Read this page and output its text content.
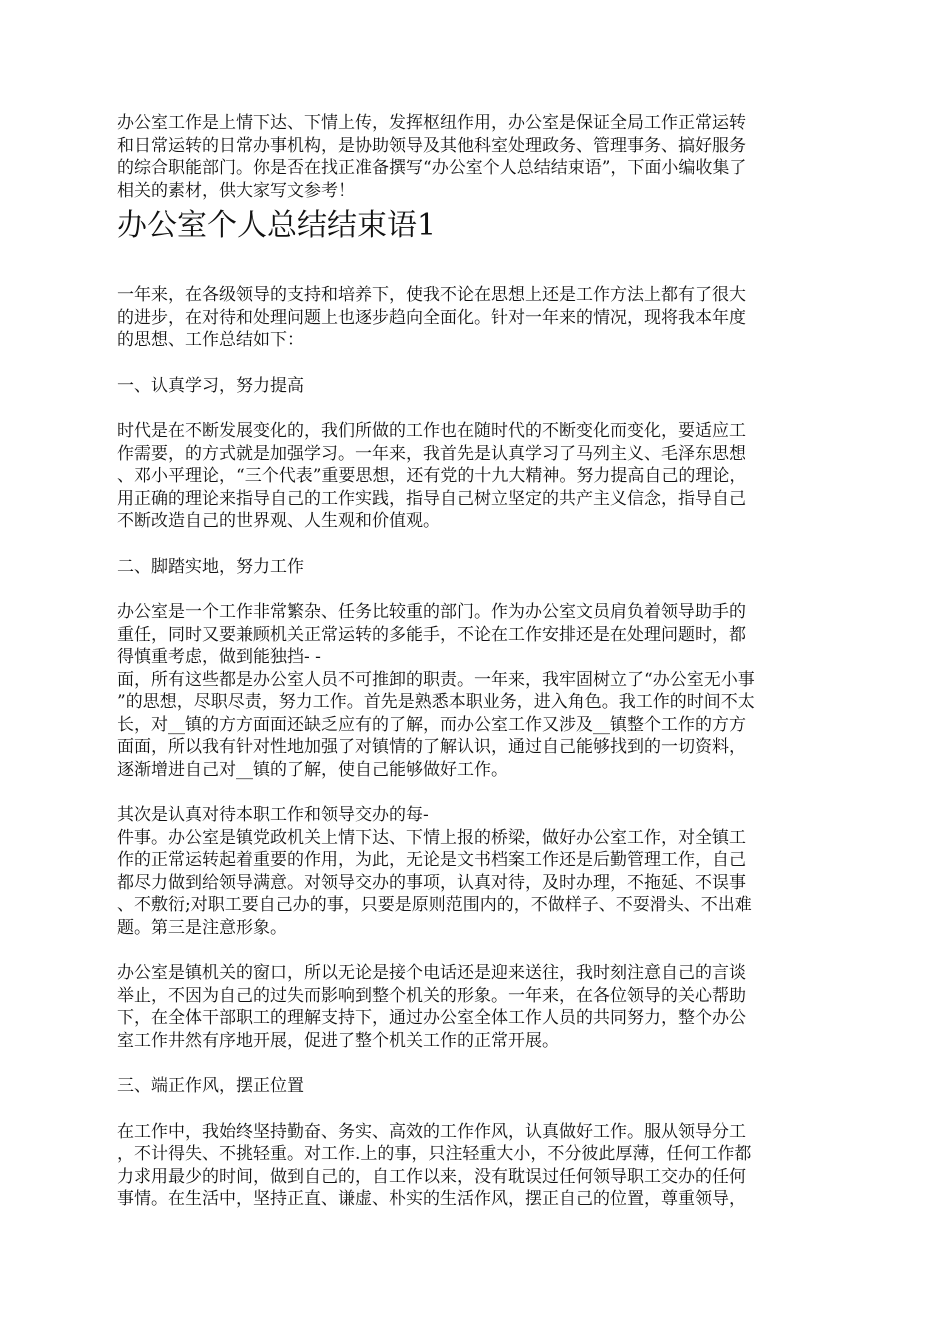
办公室工作是上情下达、下情上传，发挥枢纽作用，办公室是保证全局工作正常运转
和日常运转的日常办事机构，是协助领导及其他科室处理政务、管理事务、搞好服务
的综合职能部门。你是否在找正准备撰写“办公室个人总结结束语”，下面小编收集了
相关的素材，供大家写文参考！

办公室个人总结结束语1

一年来，在各级领导的支持和培养下，使我不论在思想上还是工作方法上都有了很大
的进步，在对待和处理问题上也逐步趋向全面化。针对一年来的情况，现将我本年度
的思想、工作总结如下：

一、认真学习，努力提高

时代是在不断发展变化的，我们所做的工作也在随时代的不断变化而变化，要适应工
作需要，的方式就是加强学习。一年来，我首先是认真学习了马列主义、毛泽东思想
、邓小平理论，“三个代表”重要思想，还有党的十九大精神。努力提高自己的理论，
用正确的理论来指导自己的工作实践，指导自己树立坚定的共产主义信念，指导自己
不断改造自己的世界观、人生观和价值观。

二、脚踏实地，努力工作

办公室是一个工作非常繁杂、任务比较重的部门。作为办公室文员肩负着领导助手的
重任，同时又要兼顾机关正常运转的多能手，不论在工作安排还是在处理问题时，都
得慎重考虑，做到能独挡- -
面，所有这些都是办公室人员不可推卸的职责。一年来，我牢固树立了“办公室无小事
”的思想，尽职尽责，努力工作。首先是熟悉本职业务，进入角色。我工作的时间不太
长，对__镇的方方面面还缺乏应有的了解，而办公室工作又涉及__镇整个工作的方方
面面，所以我有针对性地加强了对镇情的了解认识，通过自己能够找到的一切资料，
逐渐增进自己对__镇的了解，使自己能够做好工作。

其次是认真对待本职工作和领导交办的每-
件事。办公室是镇党政机关上情下达、下情上报的桥梁，做好办公室工作，对全镇工
作的正常运转起着重要的作用，为此，无论是文书档案工作还是后勤管理工作，自己
都尽力做到给领导满意。对领导交办的事项，认真对待，及时办理，不拖延、不误事
、不敷衍;对职工要自己办的事，只要是原则范围内的，不做样子、不耍滑头、不出难
题。第三是注意形象。

办公室是镇机关的窗口，所以无论是接个电话还是迎来送往，我时刻注意自己的言谈
举止，不因为自己的过失而影响到整个机关的形象。一年来，在各位领导的关心帮助
下，在全体干部职工的理解支持下，通过办公室全体工作人员的共同努力，整个办公
室工作井然有序地开展，促进了整个机关工作的正常开展。

三、端正作风，摆正位置

在工作中，我始终坚持勤奋、务实、高效的工作作风，认真做好工作。服从领导分工
，不计得失、不挑轻重。对工作.上的事，只注轻重大小，不分彼此厚薄，任何工作都
力求用最少的时间，做到自己的，自工作以来，没有耽误过任何领导职工交办的任何
事情。在生活中，坚持正直、谦虚、朴实的生活作风，摆正自己的位置，尊重领导，
